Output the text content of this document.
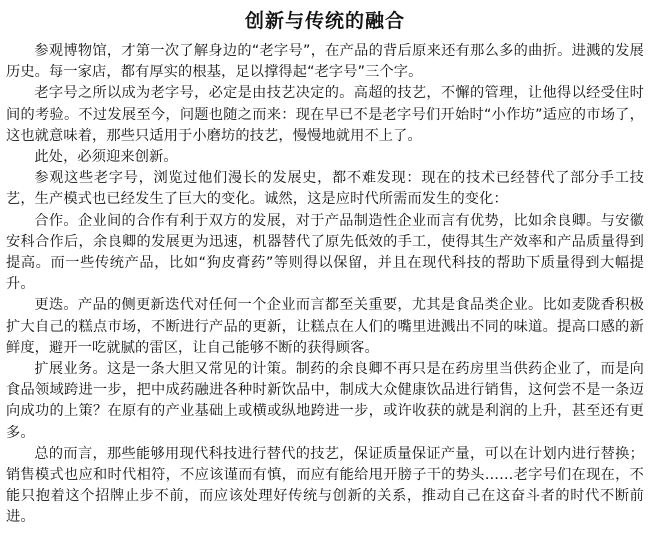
创新与传统的融合

参观博物馆，才第一次了解身边的“老字号”，在产品的背后原来还有那么多的曲折。进溅的发展历史。每一家店，都有厚实的根基，足以撑得起“老字号”三个字。

老字号之所以成为老字号，必定是由技艺决定的。高超的技艺，不懈的管理，让他得以经受住时间的考验。不过发展至今，问题也随之而来：现在早已不是老字号们开始时“小作坊”适应的市场了，这也就意味着，那些只适用于小磨坊的技艺，慢慢地就用不上了。

此处，必须迎来创新。

参观这些老字号，浏览过他们漫长的发展史，都不难发现：现在的技术已经替代了部分手工技艺，生产模式也已经发生了巨大的变化。诚然，这是应时代所需而发生的变化：

合作。企业间的合作有利于双方的发展，对于产品制造性企业而言有优势，比如余良卿。与安徽安科合作后，余良卿的发展更为迅速，机器替代了原先低效的手工，使得其生产效率和产品质量得到提高。而一些传统产品，比如“狗皮膏药”等则得以保留，并且在现代科技的帮助下质量得到大幅提升。

更迭。产品的侧更新迭代对任何一个企业而言都至关重要，尤其是食品类企业。比如麦陇香积极扩大自己的糕点市场，不断进行产品的更新，让糕点在人们的嘴里进溅出不同的味道。提高口感的新鲜度，避开一吃就腻的雷区，让自己能够不断的获得顾客。

扩展业务。这是一条大胆又常见的计策。制药的余良卿不再只是在药房里当供药企业了，而是向食品领域跨进一步，把中成药融进各种时新饮品中，制成大众健康饮品进行销售，这何尝不是一条迈向成功的上策？在原有的产业基础上或横或纵地跨进一步，或许收获的就是利润的上升，甚至还有更多。

总的而言，那些能够用现代科技进行替代的技艺，保证质量保证产量，可以在计划内进行替换；销售模式也应和时代相符，不应该谨而有慎，而应有能给甩开膀子干的势头……老字号们在现在，不能只抱着这个招牌止步不前，而应该处理好传统与创新的关系，推动自己在这奋斗者的时代不断前进。
